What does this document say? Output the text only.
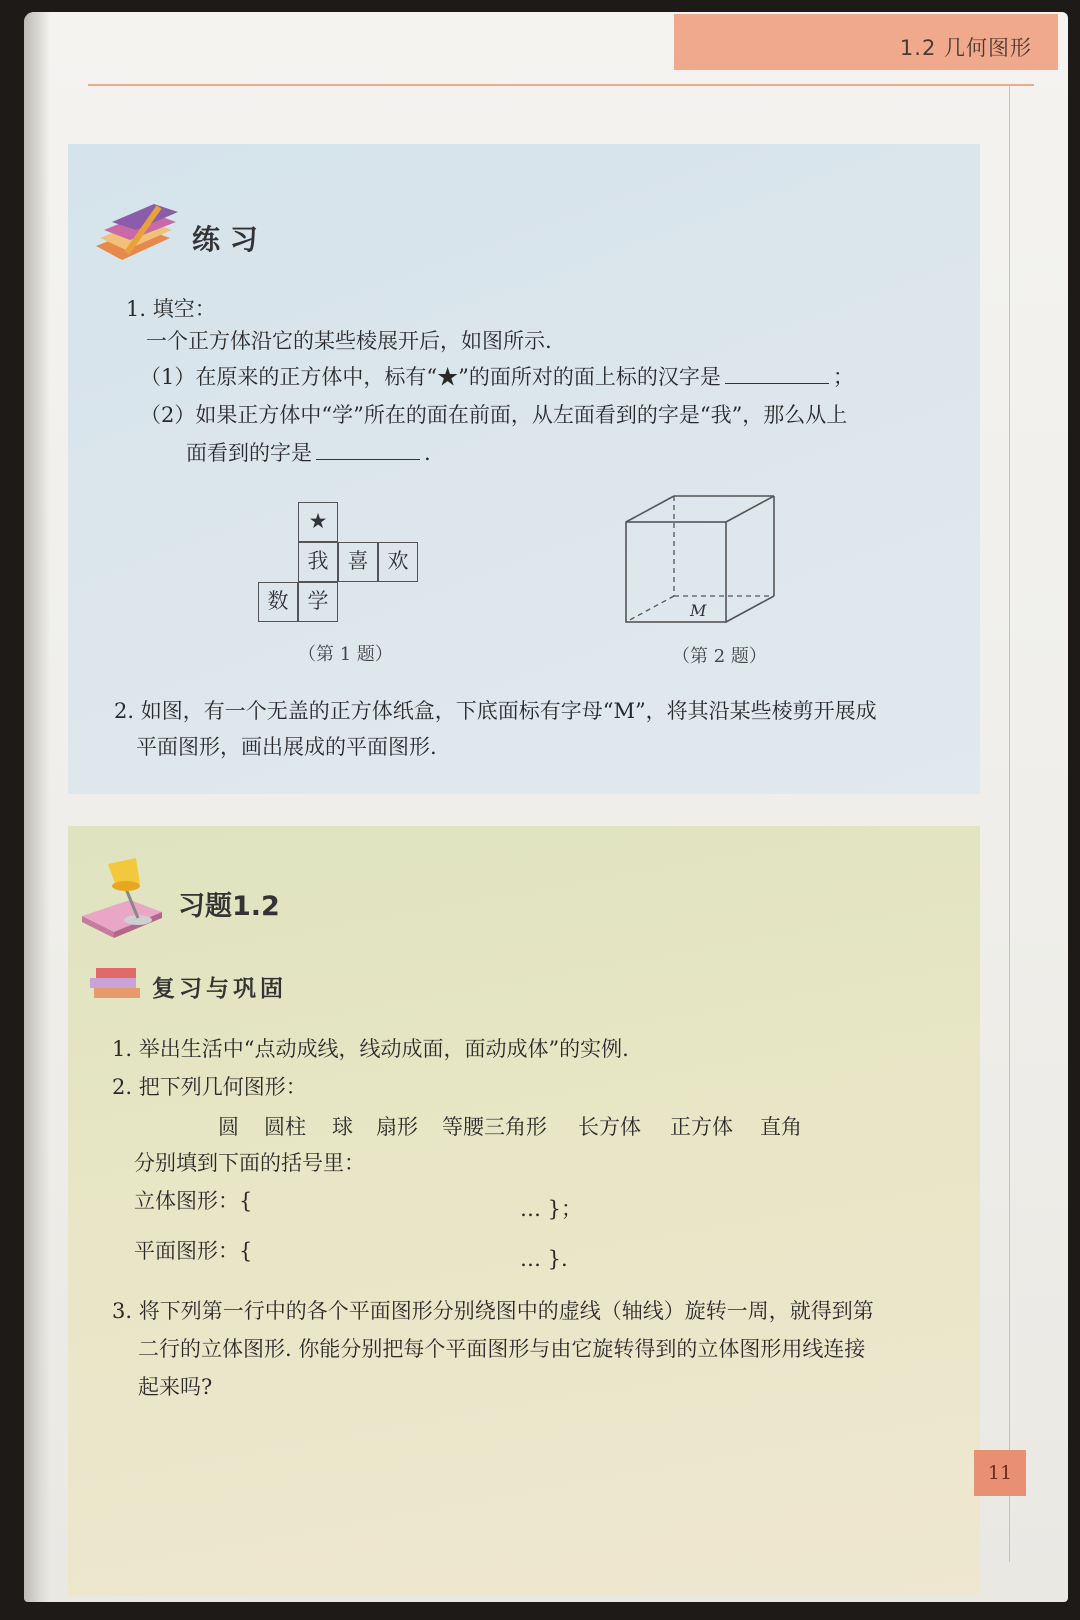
1.2 几何图形
练 习
1. 填空：
一个正方体沿它的某些棱展开后，如图所示.
（1）在原来的正方体中，标有“★”的面所对的面上标的汉字是	；
（2）如果正方体中“学”所在的面在前面，从左面看到的字是“我”，那么从上
面看到的字是	.
★
我 喜 欢
数 学
（第 1 题）
M
（第 2 题）
2. 如图，有一个无盖的正方体纸盒，下底面标有字母“M”，将其沿某些棱剪开展成
平面图形，画出展成的平面图形.
习题1.2
复习与巩固
1. 举出生活中“点动成线，线动成面，面动成体”的实例.
2. 把下列几何图形：
圆 圆柱 球 扇形 等腰三角形 长方体 正方体 直角
分别填到下面的括号里：
立体图形：{	… }；
平面图形：{	… }.
3. 将下列第一行中的各个平面图形分别绕图中的虚线（轴线）旋转一周，就得到第
二行的立体图形. 你能分别把每个平面图形与由它旋转得到的立体图形用线连接
起来吗?
11
